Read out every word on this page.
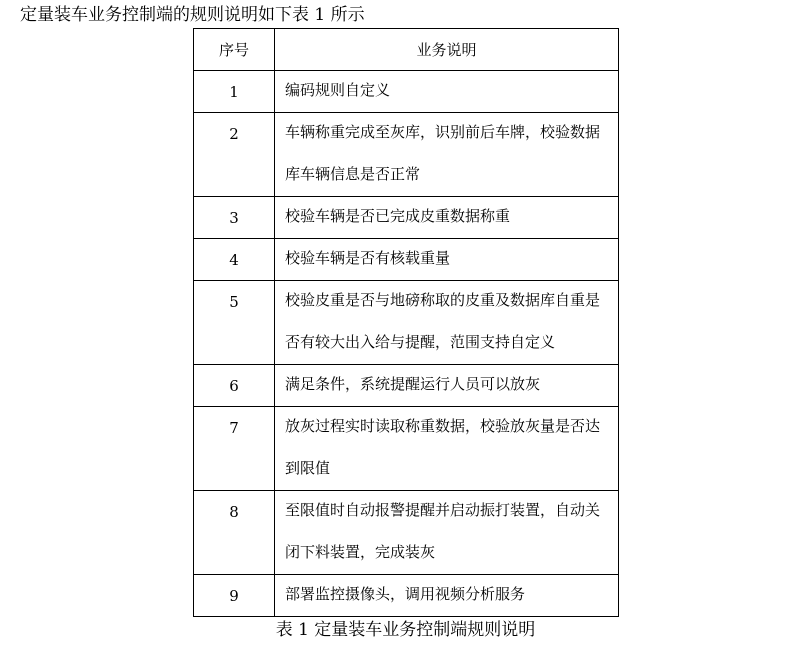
定量装车业务控制端的规则说明如下表 1 所示
序号	业务说明
1	编码规则自定义

2	车辆称重完成至灰库，识别前后车牌，校验数据库车辆信息是否正常

3	校验车辆是否已完成皮重数据称重

4	校验车辆是否有核载重量

5	校验皮重是否与地磅称取的皮重及数据库自重是否有较大出入给与提醒，范围支持自定义

6	满足条件，系统提醒运行人员可以放灰

7	放灰过程实时读取称重数据，校验放灰量是否达到限值

8	至限值时自动报警提醒并启动振打装置，自动关闭下料装置，完成装灰

9	部署监控摄像头，调用视频分析服务
表 1 定量装车业务控制端规则说明
